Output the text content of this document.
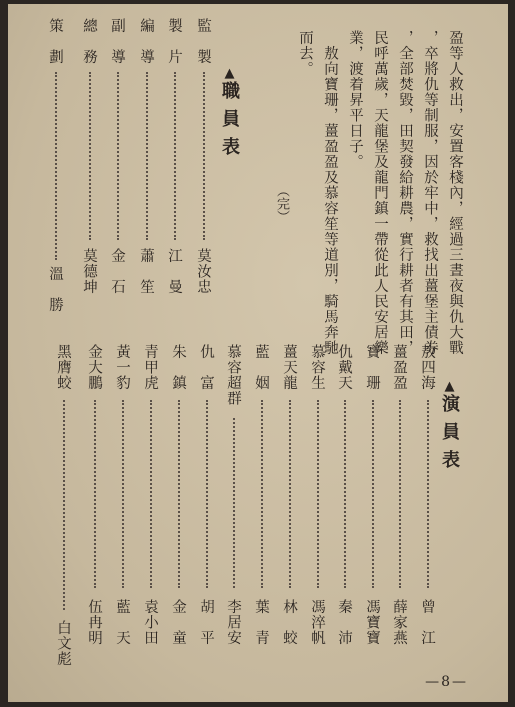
盈等人救出，安置客棧內，經過三晝夜與仇大戰
，卒將仇等制服，因於牢中，救找出薑堡主債券
，全部焚毀，田契發給耕農，實行耕者有其田，
民呼萬歲，天龍堡及龍門鎮一帶從此人民安居樂
業，渡着昇平日子。
　敖向寶珊，薑盈盈及慕容笙等道別，騎馬奔馳
而去。
（完）
▲演員表
▲職員表
敖四海
曾　江
薑盈盈
薛家燕
寶　珊
馮寶寶
仇戴天
秦　沛
慕容生
馮淬帆
薑天龍
林　蛟
藍　姻
葉　青
慕容超群
李居安
仇　富
胡　平
朱　鎮
金　童
青甲虎
袁小田
黃一豹
藍　天
金大鵬
伍冉明
黑膺蛟
白文彪
監　製
莫汝忠
製　片
江　曼
編　導
蕭　笙
副　導
金　石
總　務
莫德坤
策　劃
溫　勝
—8—
